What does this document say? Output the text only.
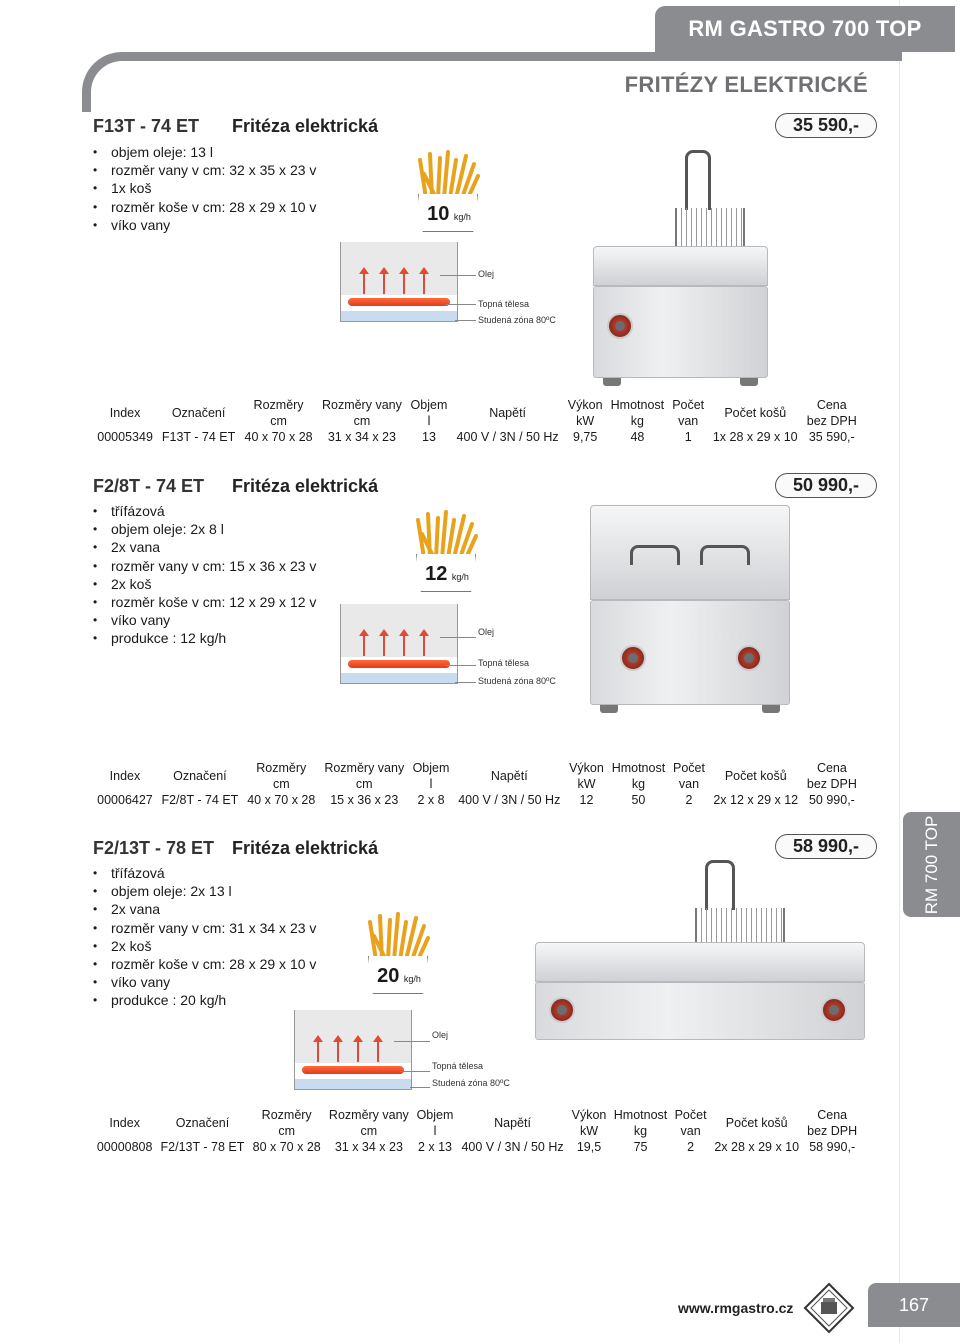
RM GASTRO 700 TOP
FRITÉZY ELEKTRICKÉ
RM 700 TOP
F13T - 74 ET Fritéza elektrická	35 590,-
• objem oleje: 13 l
• rozměr vany v cm: 32 x 35 x 23 v
• 1x koš
• rozměr koše v cm: 28 x 29 x 10 v
• víko vany	10 kg/h
Olej
Topná tělesa
Studená zóna 80ºC
Index	Označení	Rozměry	Rozměry vany	Objem	Napětí	Výkon	Hmotnost	Počet	Počet košů	Cena
		cm	cm	l		kW	kg	van		bez DPH
00005349	F13T - 74 ET	40 x 70 x 28	31 x 34 x 23	13	400 V / 3N / 50 Hz	9,75	48	1	1x 28 x 29 x 10	35 590,-
F2/8T - 74 ET Fritéza elektrická	50 990,-
• třífázová
• objem oleje: 2x 8 l
• 2x vana
• rozměr vany v cm: 15 x 36 x 23 v
• 2x koš
• rozměr koše v cm: 12 x 29 x 12 v
• víko vany
• produkce : 12 kg/h
12 kg/h
Olej
Topná tělesa
Studená zóna 80ºC
Index	Označení	Rozměry	Rozměry vany	Objem	Napětí	Výkon	Hmotnost	Počet	Počet košů	Cena
		cm	cm	l		kW	kg	van		bez DPH
00006427	F2/8T - 74 ET	40 x 70 x 28	15 x 36 x 23	2 x 8	400 V / 3N / 50 Hz	12	50	2	2x 12 x 29 x 12	50 990,-
F2/13T - 78 ET Fritéza elektrická	58 990,-
• třífázová
• objem oleje: 2x 13 l
• 2x vana
• rozměr vany v cm: 31 x 34 x 23 v
• 2x koš
• rozměr koše v cm: 28 x 29 x 10 v
• víko vany
• produkce : 20 kg/h
20 kg/h
Olej
Topná tělesa
Studená zóna 80ºC
Index	Označení	Rozměry	Rozměry vany	Objem	Napětí	Výkon	Hmotnost	Počet	Počet košů	Cena
		cm	cm	l		kW	kg	van		bez DPH
00000808	F2/13T - 78 ET	80 x 70 x 28	31 x 34 x 23	2 x 13	400 V / 3N / 50 Hz	19,5	75	2	2x 28 x 29 x 10	58 990,-
www.rmgastro.cz	167
